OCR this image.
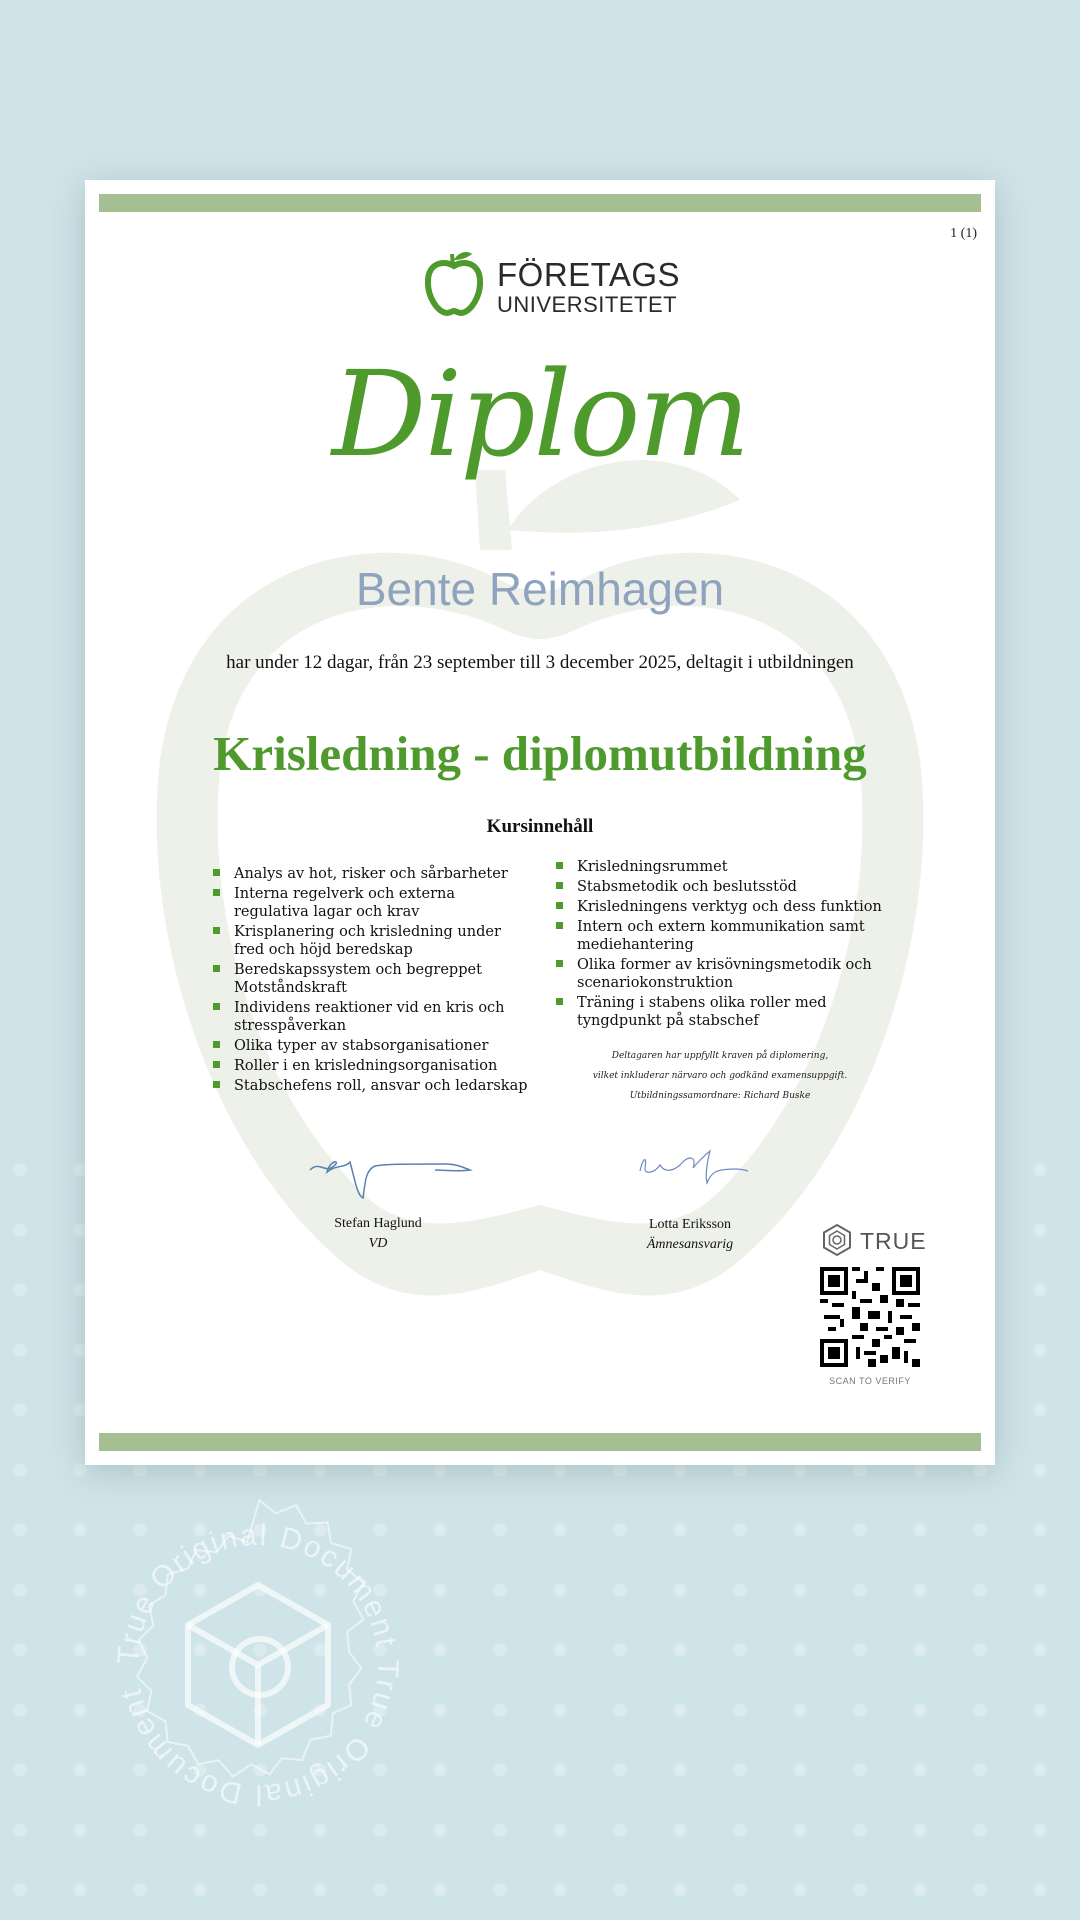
1 (1)
FÖRETAGS
UNIVERSITETET
Diplom
Bente Reimhagen
har under 12 dagar, från 23 september till 3 december 2025, deltagit i utbildningen
Krisledning - diplomutbildning
Kursinnehåll
Analys av hot, risker och sårbarheter
Interna regelverk och externa regulativa lagar och krav
Krisplanering och krisledning under fred och höjd beredskap
Beredskapssystem och begreppet Motståndskraft
Individens reaktioner vid en kris och stresspåverkan
Olika typer av stabsorganisationer
Roller i en krisledningsorganisation
Stabschefens roll, ansvar och ledarskap
Krisledningsrummet
Stabsmetodik och beslutsstöd
Krisledningens verktyg och dess funktion
Intern och extern kommunikation samt mediehantering
Olika former av krisövningsmetodik och scenariokonstruktion
Träning i stabens olika roller med tyngdpunkt på stabschef
Deltagaren har uppfyllt kraven på diplomering,
vilket inkluderar närvaro och godkänd examensuppgift.
Utbildningssamordnare: Richard Buske
Stefan Haglund
VD
Lotta Eriksson
Ämnesansvarig	TRUE
SCAN TO VERIFY
True Original Document True Original Document
